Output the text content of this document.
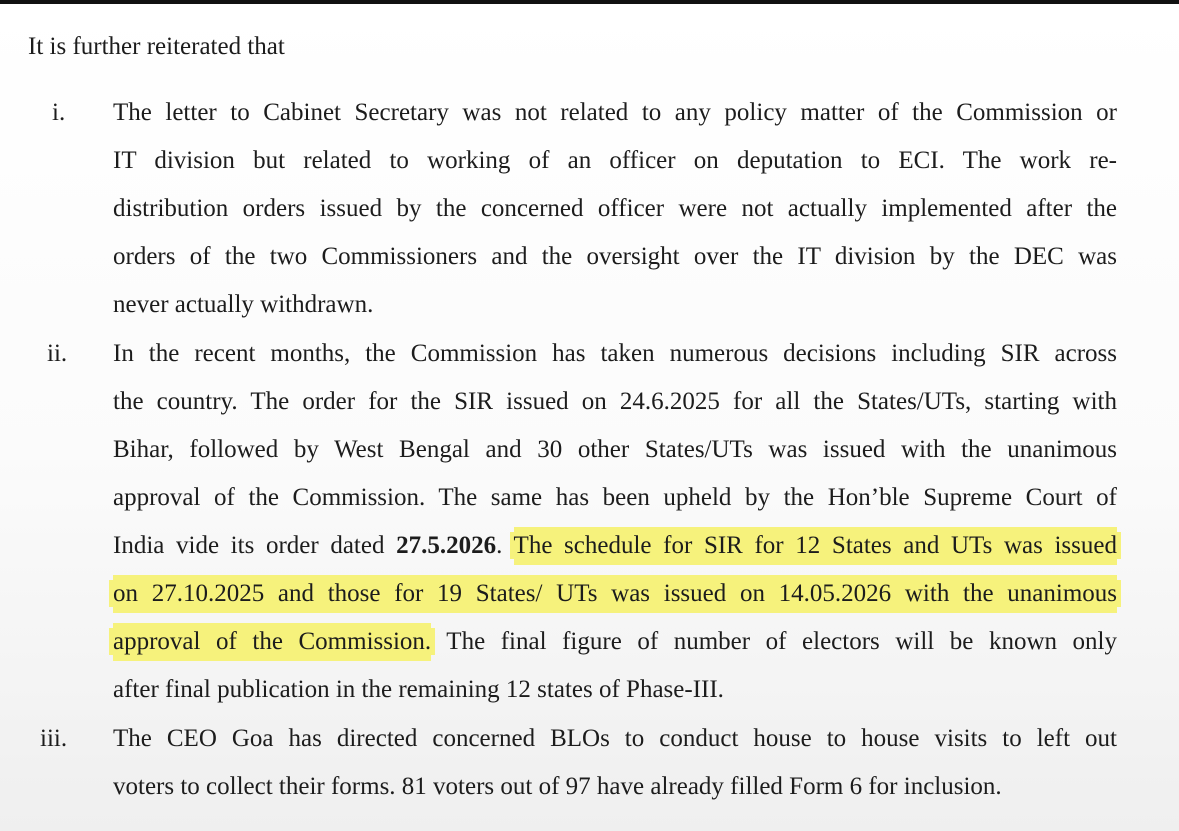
It is further reiterated that
i. The letter to Cabinet Secretary was not related to any policy matter of the Commission or
IT division but related to working of an officer on deputation to ECI. The work re-
distribution orders issued by the concerned officer were not actually implemented after the
orders of the two Commissioners and the oversight over the IT division by the DEC was
never actually withdrawn.
ii. In the recent months, the Commission has taken numerous decisions including SIR across
the country. The order for the SIR issued on 24.6.2025 for all the States/UTs, starting with
Bihar, followed by West Bengal and 30 other States/UTs was issued with the unanimous
approval of the Commission. The same has been upheld by the Hon’ble Supreme Court of
India vide its order dated 27.5.2026. The schedule for SIR for 12 States and UTs was issued
on 27.10.2025 and those for 19 States/ UTs was issued on 14.05.2026 with the unanimous
approval of the Commission. The final figure of number of electors will be known only
after final publication in the remaining 12 states of Phase-III.
iii. The CEO Goa has directed concerned BLOs to conduct house to house visits to left out
voters to collect their forms. 81 voters out of 97 have already filled Form 6 for inclusion.
